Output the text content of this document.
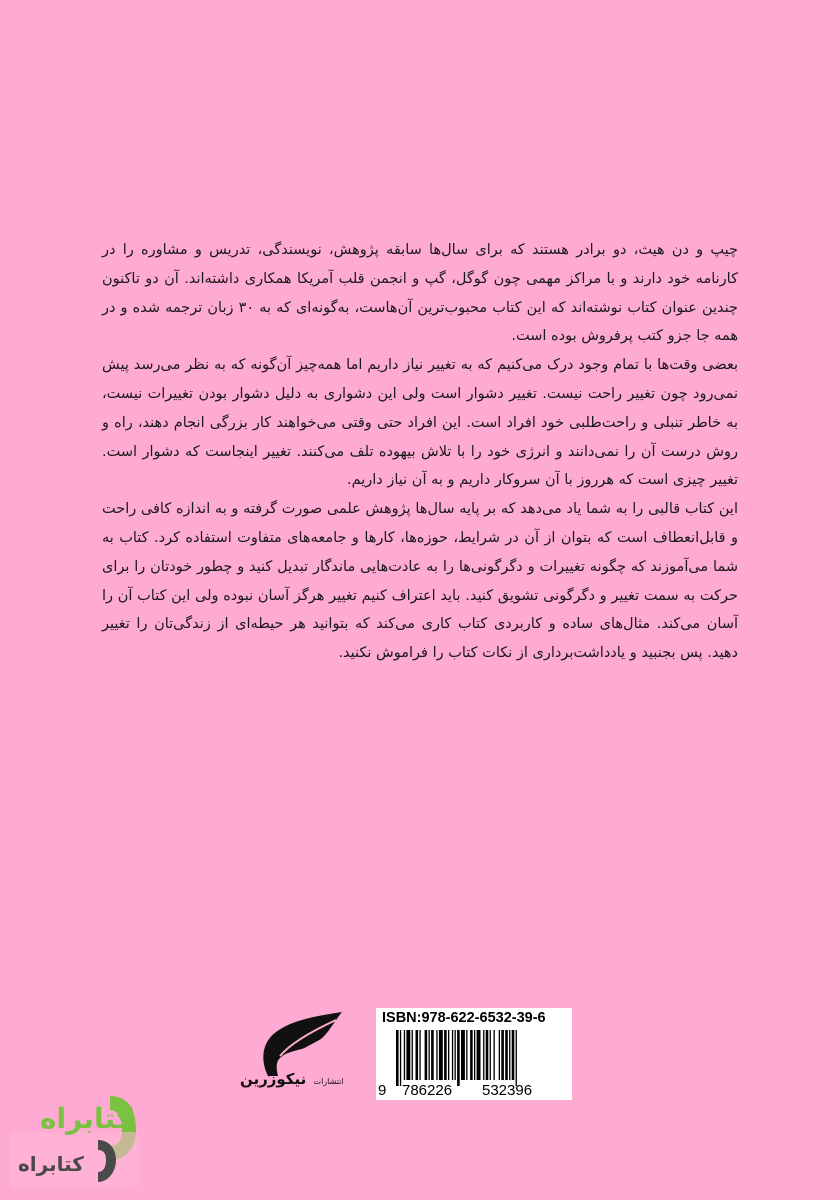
چیپ و دن هیث، دو برادر هستند که برای سال‌ها سابقه پژوهش، نویسندگی، تدریس و مشاوره را در کارنامه خود دارند و با مراکز مهمی چون گوگل، گپ و انجمن قلب آمریکا همکاری داشته‌اند. آن دو تاکنون چندین عنوان کتاب نوشته‌اند که این کتاب محبوب‌ترین آن‌هاست، به‌گونه‌ای که به ۳۰ زبان ترجمه شده و در همه جا جزو کتب پرفروش بوده است.

بعضی وقت‌ها با تمام وجود درک می‌کنیم که به تغییر نیاز داریم اما همه‌چیز آن‌گونه که به نظر می‌رسد پیش نمی‌رود چون تغییر راحت نیست. تغییر دشوار است ولی این دشواری به دلیل دشوار بودن تغییرات نیست، به خاطر تنبلی و راحت‌طلبی خود افراد است. این افراد حتی وقتی می‌خواهند کار بزرگی انجام دهند، راه و روش درست آن را نمی‌دانند و انرژی خود را با تلاش بیهوده تلف می‌کنند. تغییر اینجاست که دشوار است. تغییر چیزی است که هرروز با آن سروکار داریم و به آن نیاز داریم.

این کتاب قالبی را به شما یاد می‌دهد که بر پایه سال‌ها پژوهش علمی صورت گرفته و به اندازه کافی راحت و قابل‌انعطاف است که بتوان از آن در شرایط، حوزه‌ها، کارها و جامعه‌های متفاوت استفاده کرد. کتاب به شما می‌آموزند که چگونه تغییرات و دگرگونی‌ها را به عادت‌هایی ماندگار تبدیل کنید و چطور خودتان را برای حرکت به سمت تغییر و دگرگونی تشویق کنید. باید اعتراف کنیم تغییر هرگز آسان نبوده ولی این کتاب آن را آسان می‌کند. مثال‌های ساده و کاربردی کتاب کاری می‌کند که بتوانید هر حیطه‌ای از زندگی‌تان را تغییر دهید. پس بجنبید و یادداشت‌برداری از نکات کتاب را فراموش نکنید.

انتشارات نیکوزرین
ISBN:978-622-6532-39-6
9 786226 532396
کتابراه
کتابراه
